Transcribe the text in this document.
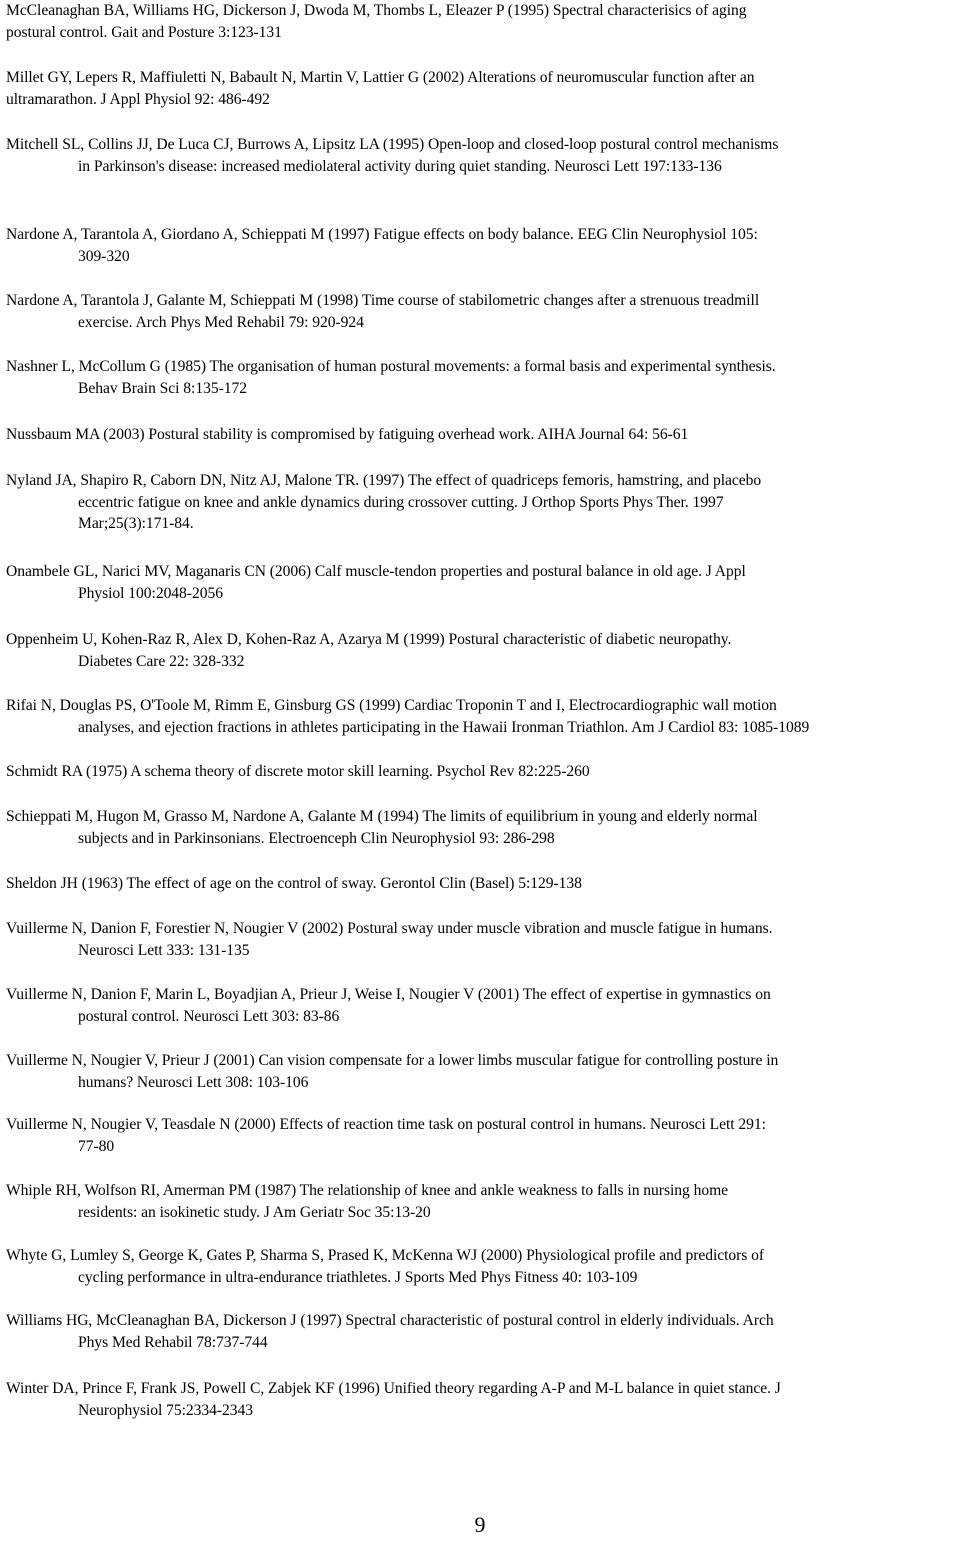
McCleanaghan BA, Williams HG, Dickerson J, Dwoda M, Thombs L, Eleazer P (1995) Spectral characterisics of aging
postural control. Gait and Posture 3:123-131
Millet GY, Lepers R, Maffiuletti N, Babault N, Martin V, Lattier G (2002) Alterations of neuromuscular function after an
ultramarathon. J Appl Physiol 92: 486-492
Mitchell SL, Collins JJ, De Luca CJ, Burrows A, Lipsitz LA (1995) Open-loop and closed-loop postural control mechanisms
in Parkinson's disease: increased mediolateral activity during quiet standing. Neurosci Lett 197:133-136
Nardone A, Tarantola A, Giordano A, Schieppati M (1997) Fatigue effects on body balance. EEG Clin Neurophysiol 105:
309-320
Nardone A, Tarantola J, Galante M, Schieppati M (1998) Time course of stabilometric changes after a strenuous treadmill
exercise. Arch Phys Med Rehabil 79: 920-924
Nashner L, McCollum G (1985) The organisation of human postural movements: a formal basis and experimental synthesis.
Behav Brain Sci 8:135-172
Nussbaum MA (2003) Postural stability is compromised by fatiguing overhead work. AIHA Journal 64: 56-61
Nyland JA, Shapiro R, Caborn DN, Nitz AJ, Malone TR. (1997) The effect of quadriceps femoris, hamstring, and placebo
eccentric fatigue on knee and ankle dynamics during crossover cutting. J Orthop Sports Phys Ther. 1997
Mar;25(3):171-84.
Onambele GL, Narici MV, Maganaris CN (2006) Calf muscle-tendon properties and postural balance in old age. J Appl
Physiol 100:2048-2056
Oppenheim U, Kohen-Raz R, Alex D, Kohen-Raz A, Azarya M (1999) Postural characteristic of diabetic neuropathy.
Diabetes Care 22: 328-332
Rifai N, Douglas PS, O'Toole M, Rimm E, Ginsburg GS (1999) Cardiac Troponin T and I, Electrocardiographic wall motion
analyses, and ejection fractions in athletes participating in the Hawaii Ironman Triathlon. Am J Cardiol 83: 1085-1089
Schmidt RA (1975) A schema theory of discrete motor skill learning. Psychol Rev 82:225-260
Schieppati M, Hugon M, Grasso M, Nardone A, Galante M (1994) The limits of equilibrium in young and elderly normal
subjects and in Parkinsonians. Electroenceph Clin Neurophysiol 93: 286-298
Sheldon JH (1963) The effect of age on the control of sway. Gerontol Clin (Basel) 5:129-138
Vuillerme N, Danion F, Forestier N, Nougier V (2002) Postural sway under muscle vibration and muscle fatigue in humans.
Neurosci Lett 333: 131-135
Vuillerme N, Danion F, Marin L, Boyadjian A, Prieur J, Weise I, Nougier V (2001) The effect of expertise in gymnastics on
postural control. Neurosci Lett 303: 83-86
Vuillerme N, Nougier V, Prieur J (2001) Can vision compensate for a lower limbs muscular fatigue for controlling posture in
humans? Neurosci Lett 308: 103-106
Vuillerme N, Nougier V, Teasdale N (2000) Effects of reaction time task on postural control in humans. Neurosci Lett 291:
77-80
Whiple RH, Wolfson RI, Amerman PM (1987) The relationship of knee and ankle weakness to falls in nursing home
residents: an isokinetic study. J Am Geriatr Soc 35:13-20
Whyte G, Lumley S, George K, Gates P, Sharma S, Prased K, McKenna WJ (2000) Physiological profile and predictors of
cycling performance in ultra-endurance triathletes. J Sports Med Phys Fitness 40: 103-109
Williams HG, McCleanaghan BA, Dickerson J (1997) Spectral characteristic of postural control in elderly individuals. Arch
Phys Med Rehabil 78:737-744
Winter DA, Prince F, Frank JS, Powell C, Zabjek KF (1996) Unified theory regarding A-P and M-L balance in quiet stance. J
Neurophysiol 75:2334-2343
9
